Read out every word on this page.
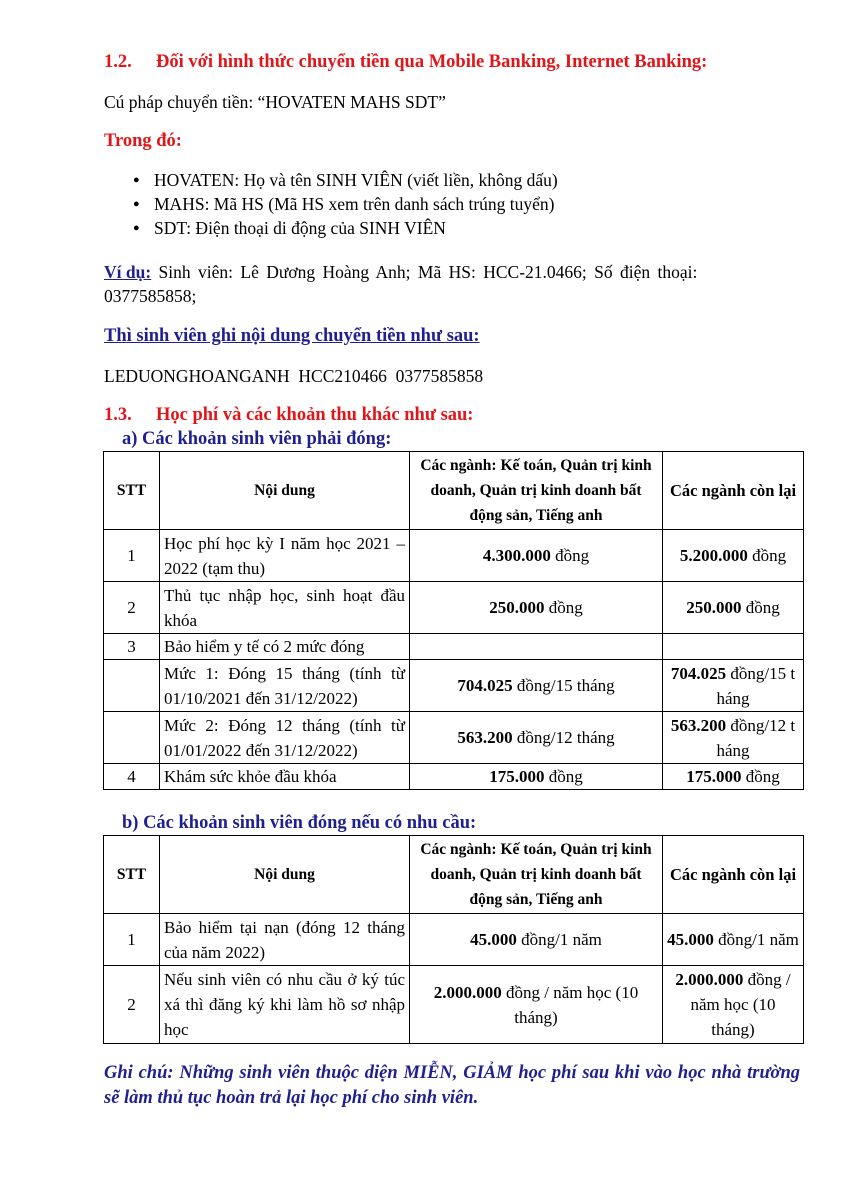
1.2. Đối với hình thức chuyển tiền qua Mobile Banking, Internet Banking:
Cú pháp chuyển tiền: “HOVATEN MAHS SDT”
Trong đó:
● HOVATEN: Họ và tên SINH VIÊN (viết liền, không dấu)
● MAHS: Mã HS (Mã HS xem trên danh sách trúng tuyển)
● SDT: Điện thoại di động của SINH VIÊN
Ví dụ: Sinh viên: Lê Dương Hoàng Anh; Mã HS: HCC-21.0466; Số điện thoại:
0377585858;
Thì sinh viên ghi nội dung chuyển tiền như sau:
LEDUONGHOANGANH  HCC210466  0377585858
1.3. Học phí và các khoản thu khác như sau:
a) Các khoản sinh viên phải đóng:
STT	Nội dung	Các ngành: Kế toán, Quản trị kinh doanh, Quản trị kinh doanh bất động sản, Tiếng anh	Các ngành còn lại
1	Học phí học kỳ I năm học 2021 – 2022 (tạm thu)	4.300.000 đồng	5.200.000 đồng
2	Thủ tục nhập học, sinh hoạt đầu khóa	250.000 đồng	250.000 đồng
3	Bảo hiểm y tế có 2 mức đóng		
	Mức 1: Đóng 15 tháng (tính từ 01/10/2021 đến 31/12/2022)	704.025 đồng/15 tháng	704.025 đồng/15 tháng
	Mức 2: Đóng 12 tháng (tính từ 01/01/2022 đến 31/12/2022)	563.200 đồng/12 tháng	563.200 đồng/12 tháng
4	Khám sức khỏe đầu khóa	175.000 đồng	175.000 đồng
b) Các khoản sinh viên đóng nếu có nhu cầu:
STT	Nội dung	Các ngành: Kế toán, Quản trị kinh doanh, Quản trị kinh doanh bất động sản, Tiếng anh	Các ngành còn lại
1	Bảo hiểm tại nạn (đóng 12 tháng của năm 2022)	45.000 đồng/1 năm	45.000 đồng/1 năm
2	Nếu sinh viên có nhu cầu ở ký túc xá thì đăng ký khi làm hồ sơ nhập học	2.000.000 đồng / năm học (10 tháng)	2.000.000 đồng / năm học (10 tháng)
Ghi chú: Những sinh viên thuộc diện MIỄN, GIẢM học phí sau khi vào học nhà trường sẽ làm thủ tục hoàn trả lại học phí cho sinh viên.
